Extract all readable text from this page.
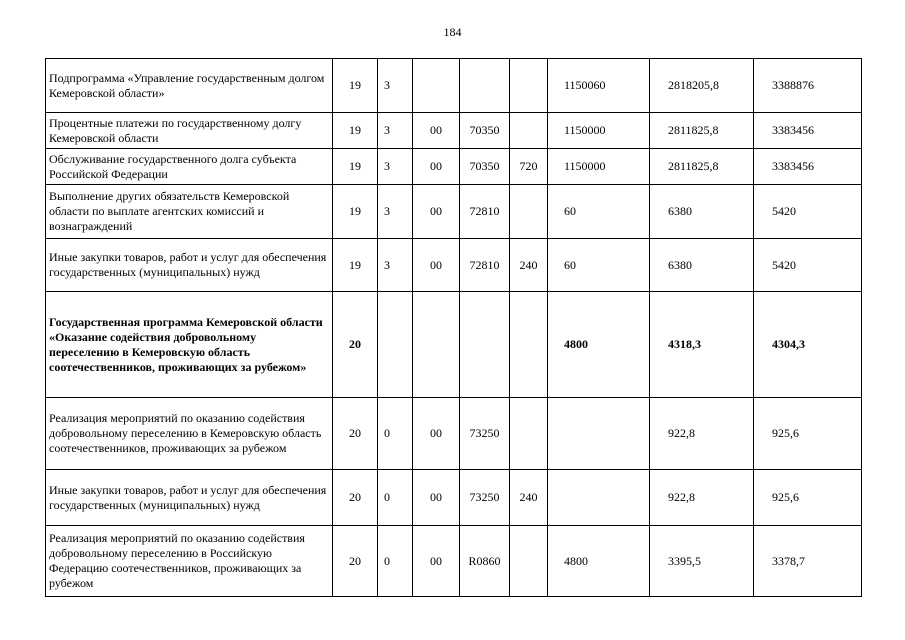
184
Подпрограмма «Управление государственным долгом Кемеровской области»	19	3				1150060	2818205,8	3388876
Процентные платежи по государственному долгу Кемеровской области	19	3	00	70350		1150000	2811825,8	3383456
Обслуживание государственного долга субъекта Российской Федерации	19	3	00	70350	720	1150000	2811825,8	3383456
Выполнение других обязательств Кемеровской области по выплате агентских комиссий и вознаграждений	19	3	00	72810		60	6380	5420
Иные закупки товаров, работ и услуг для обеспечения государственных (муниципальных) нужд	19	3	00	72810	240	60	6380	5420
Государственная программа Кемеровской области «Оказание содействия добровольному переселению в Кемеровскую область соотечественников, проживающих за рубежом»	20					4800	4318,3	4304,3
Реализация мероприятий по оказанию содействия добровольному переселению в Кемеровскую область соотечественников, проживающих за рубежом	20	0	00	73250			922,8	925,6
Иные закупки товаров, работ и услуг для обеспечения государственных (муниципальных) нужд	20	0	00	73250	240		922,8	925,6
Реализация мероприятий по оказанию содействия добровольному переселению в Российскую Федерацию соотечественников, проживающих за рубежом	20	0	00	R0860		4800	3395,5	3378,7
